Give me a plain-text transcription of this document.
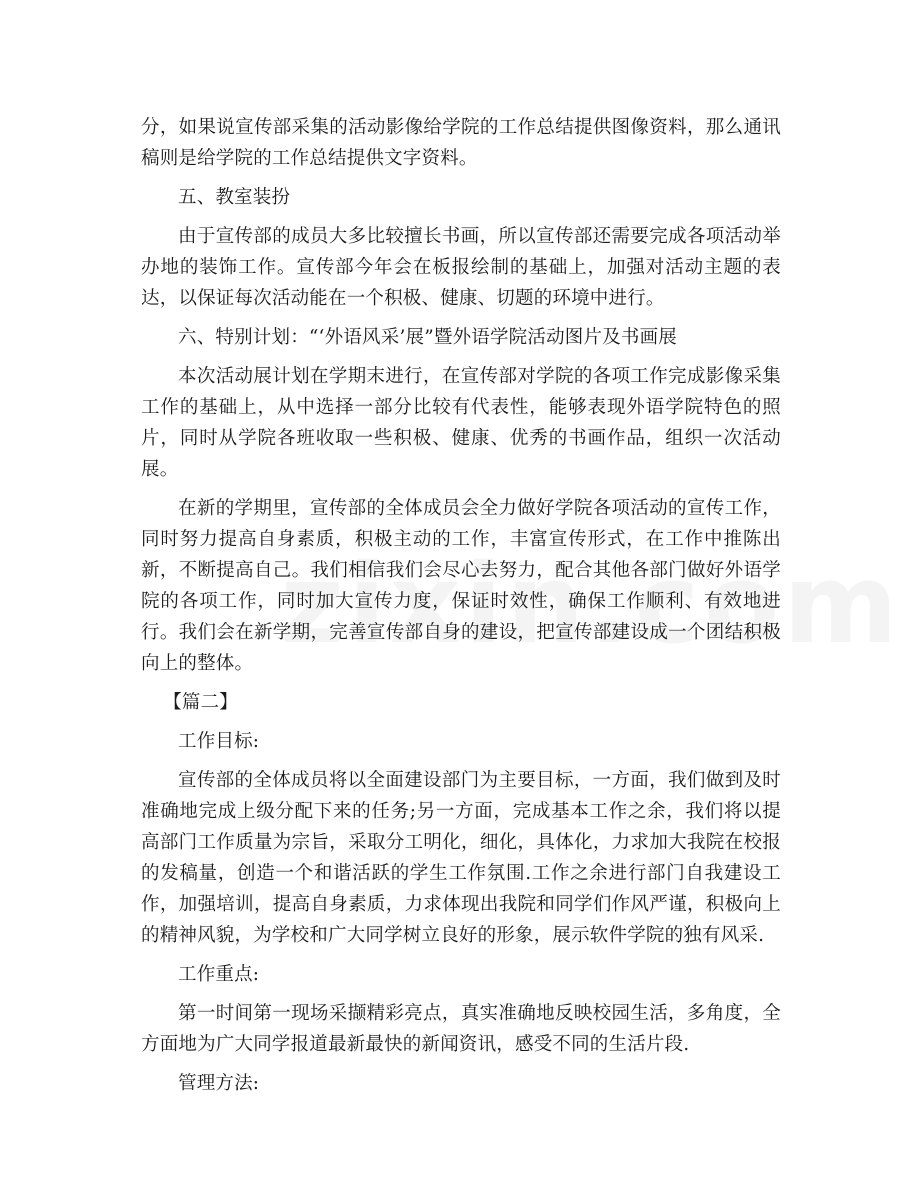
分，如果说宣传部采集的活动影像给学院的工作总结提供图像资料，那么通讯稿则是给学院的工作总结提供文字资料。

五、教室装扮

由于宣传部的成员大多比较擅长书画，所以宣传部还需要完成各项活动举办地的装饰工作。宣传部今年会在板报绘制的基础上，加强对活动主题的表达，以保证每次活动能在一个积极、健康、切题的环境中进行。

六、特别计划：“‘外语风采’展”暨外语学院活动图片及书画展

本次活动展计划在学期末进行，在宣传部对学院的各项工作完成影像采集工作的基础上，从中选择一部分比较有代表性，能够表现外语学院特色的照片，同时从学院各班收取一些积极、健康、优秀的书画作品，组织一次活动展。

在新的学期里，宣传部的全体成员会全力做好学院各项活动的宣传工作，同时努力提高自身素质，积极主动的工作，丰富宣传形式，在工作中推陈出新，不断提高自己。我们相信我们会尽心去努力，配合其他各部门做好外语学院的各项工作，同时加大宣传力度，保证时效性，确保工作顺利、有效地进行。我们会在新学期，完善宣传部自身的建设，把宣传部建设成一个团结积极向上的整体。

【篇二】

工作目标:

宣传部的全体成员将以全面建设部门为主要目标，一方面，我们做到及时准确地完成上级分配下来的任务;另一方面，完成基本工作之余，我们将以提高部门工作质量为宗旨，采取分工明化，细化，具体化，力求加大我院在校报的发稿量，创造一个和谐活跃的学生工作氛围.工作之余进行部门自我建设工作，加强培训，提高自身素质，力求体现出我院和同学们作风严谨，积极向上的精神风貌，为学校和广大同学树立良好的形象，展示软件学院的独有风采.

工作重点:

第一时间第一现场采撷精彩亮点，真实准确地反映校园生活，多角度，全方面地为广大同学报道最新最快的新闻资讯，感受不同的生活片段.

管理方法:
